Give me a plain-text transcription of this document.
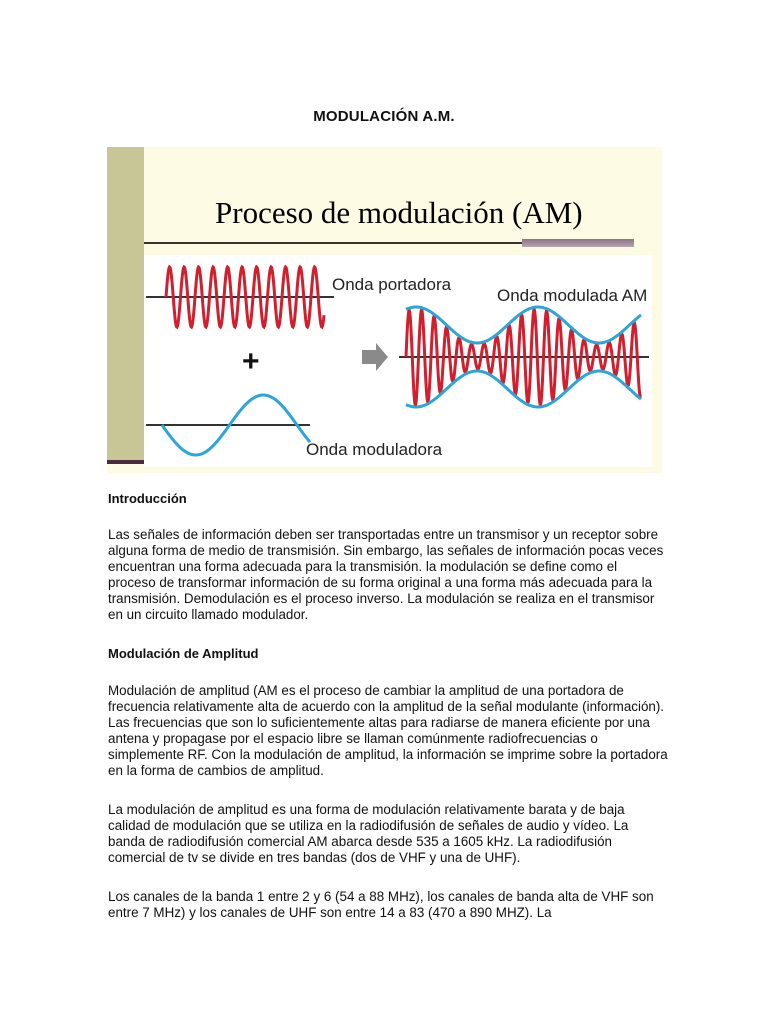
MODULACIÓN A.M.
Proceso de modulación (AM)
+
Onda portadora
Onda modulada AM
Onda moduladora
Introducción

Las señales de información deben ser transportadas entre un transmisor y un receptor sobre alguna forma de medio de transmisión. Sin embargo, las señales de información pocas veces encuentran una forma adecuada para la transmisión. la modulación se define como el proceso de transformar información de su forma original a una forma más adecuada para la transmisión. Demodulación es el proceso inverso. La modulación se realiza en el transmisor en un circuito llamado modulador.

Modulación de Amplitud

Modulación de amplitud (AM es el proceso de cambiar la amplitud de una portadora de frecuencia relativamente alta de acuerdo con la amplitud de la señal modulante (información). Las frecuencias que son lo suficientemente altas para radiarse de manera eficiente por una antena y propagase por el espacio libre se llaman comúnmente radiofrecuencias o simplemente RF. Con la modulación de amplitud, la información se imprime sobre la portadora en la forma de cambios de amplitud.

La modulación de amplitud es una forma de modulación relativamente barata y de baja calidad de modulación que se utiliza en la radiodifusión de señales de audio y vídeo. La banda de radiodifusión comercial AM abarca desde 535 a 1605 kHz. La radiodifusión comercial de tv se divide en tres bandas (dos de VHF y una de UHF).

Los canales de la banda 1 entre 2 y 6 (54 a 88 MHz), los canales de banda alta de VHF son entre 7 MHz) y los canales de UHF son entre 14 a 83 (470 a 890 MHZ). La
